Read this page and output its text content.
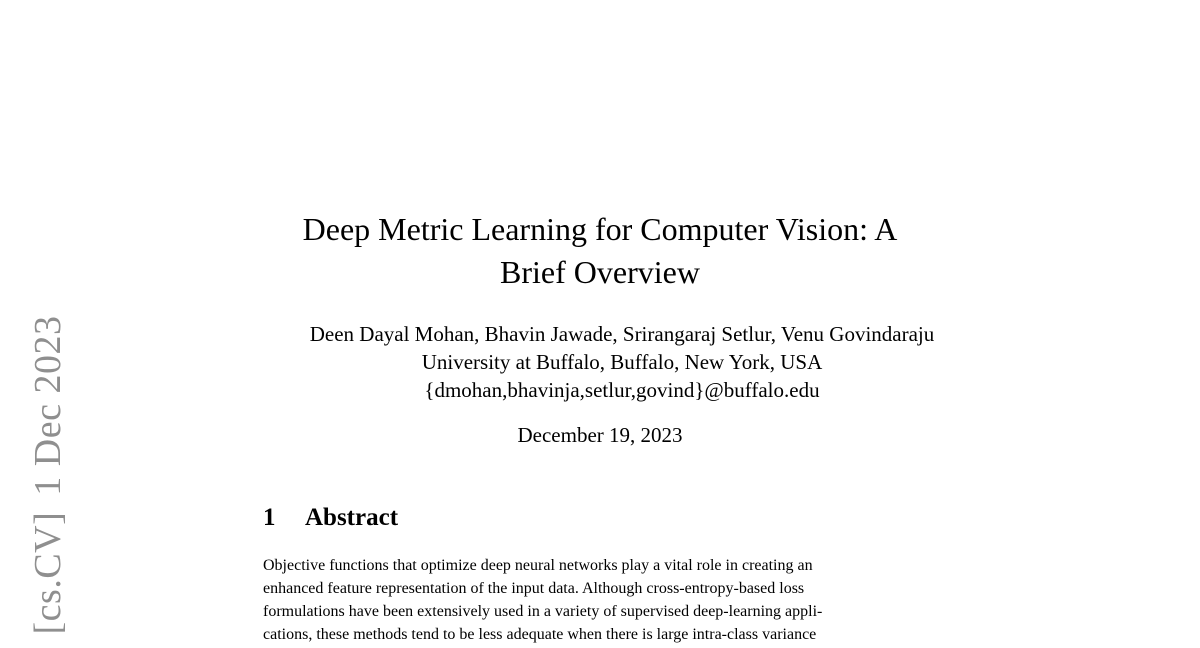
[cs.CV]1 Dec 2023
Deep Metric Learning for Computer Vision: A
Brief Overview
Deen Dayal Mohan, Bhavin Jawade, Srirangaraj Setlur, Venu Govindaraju
University at Buffalo, Buffalo, New York, USA
{dmohan,bhavinja,setlur,govind}@buffalo.edu
December 19, 2023
1 Abstract
Objective functions that optimize deep neural networks play a vital role in creating an
enhanced feature representation of the input data. Although cross-entropy-based loss
formulations have been extensively used in a variety of supervised deep-learning appli-
cations, these methods tend to be less adequate when there is large intra-class variance
